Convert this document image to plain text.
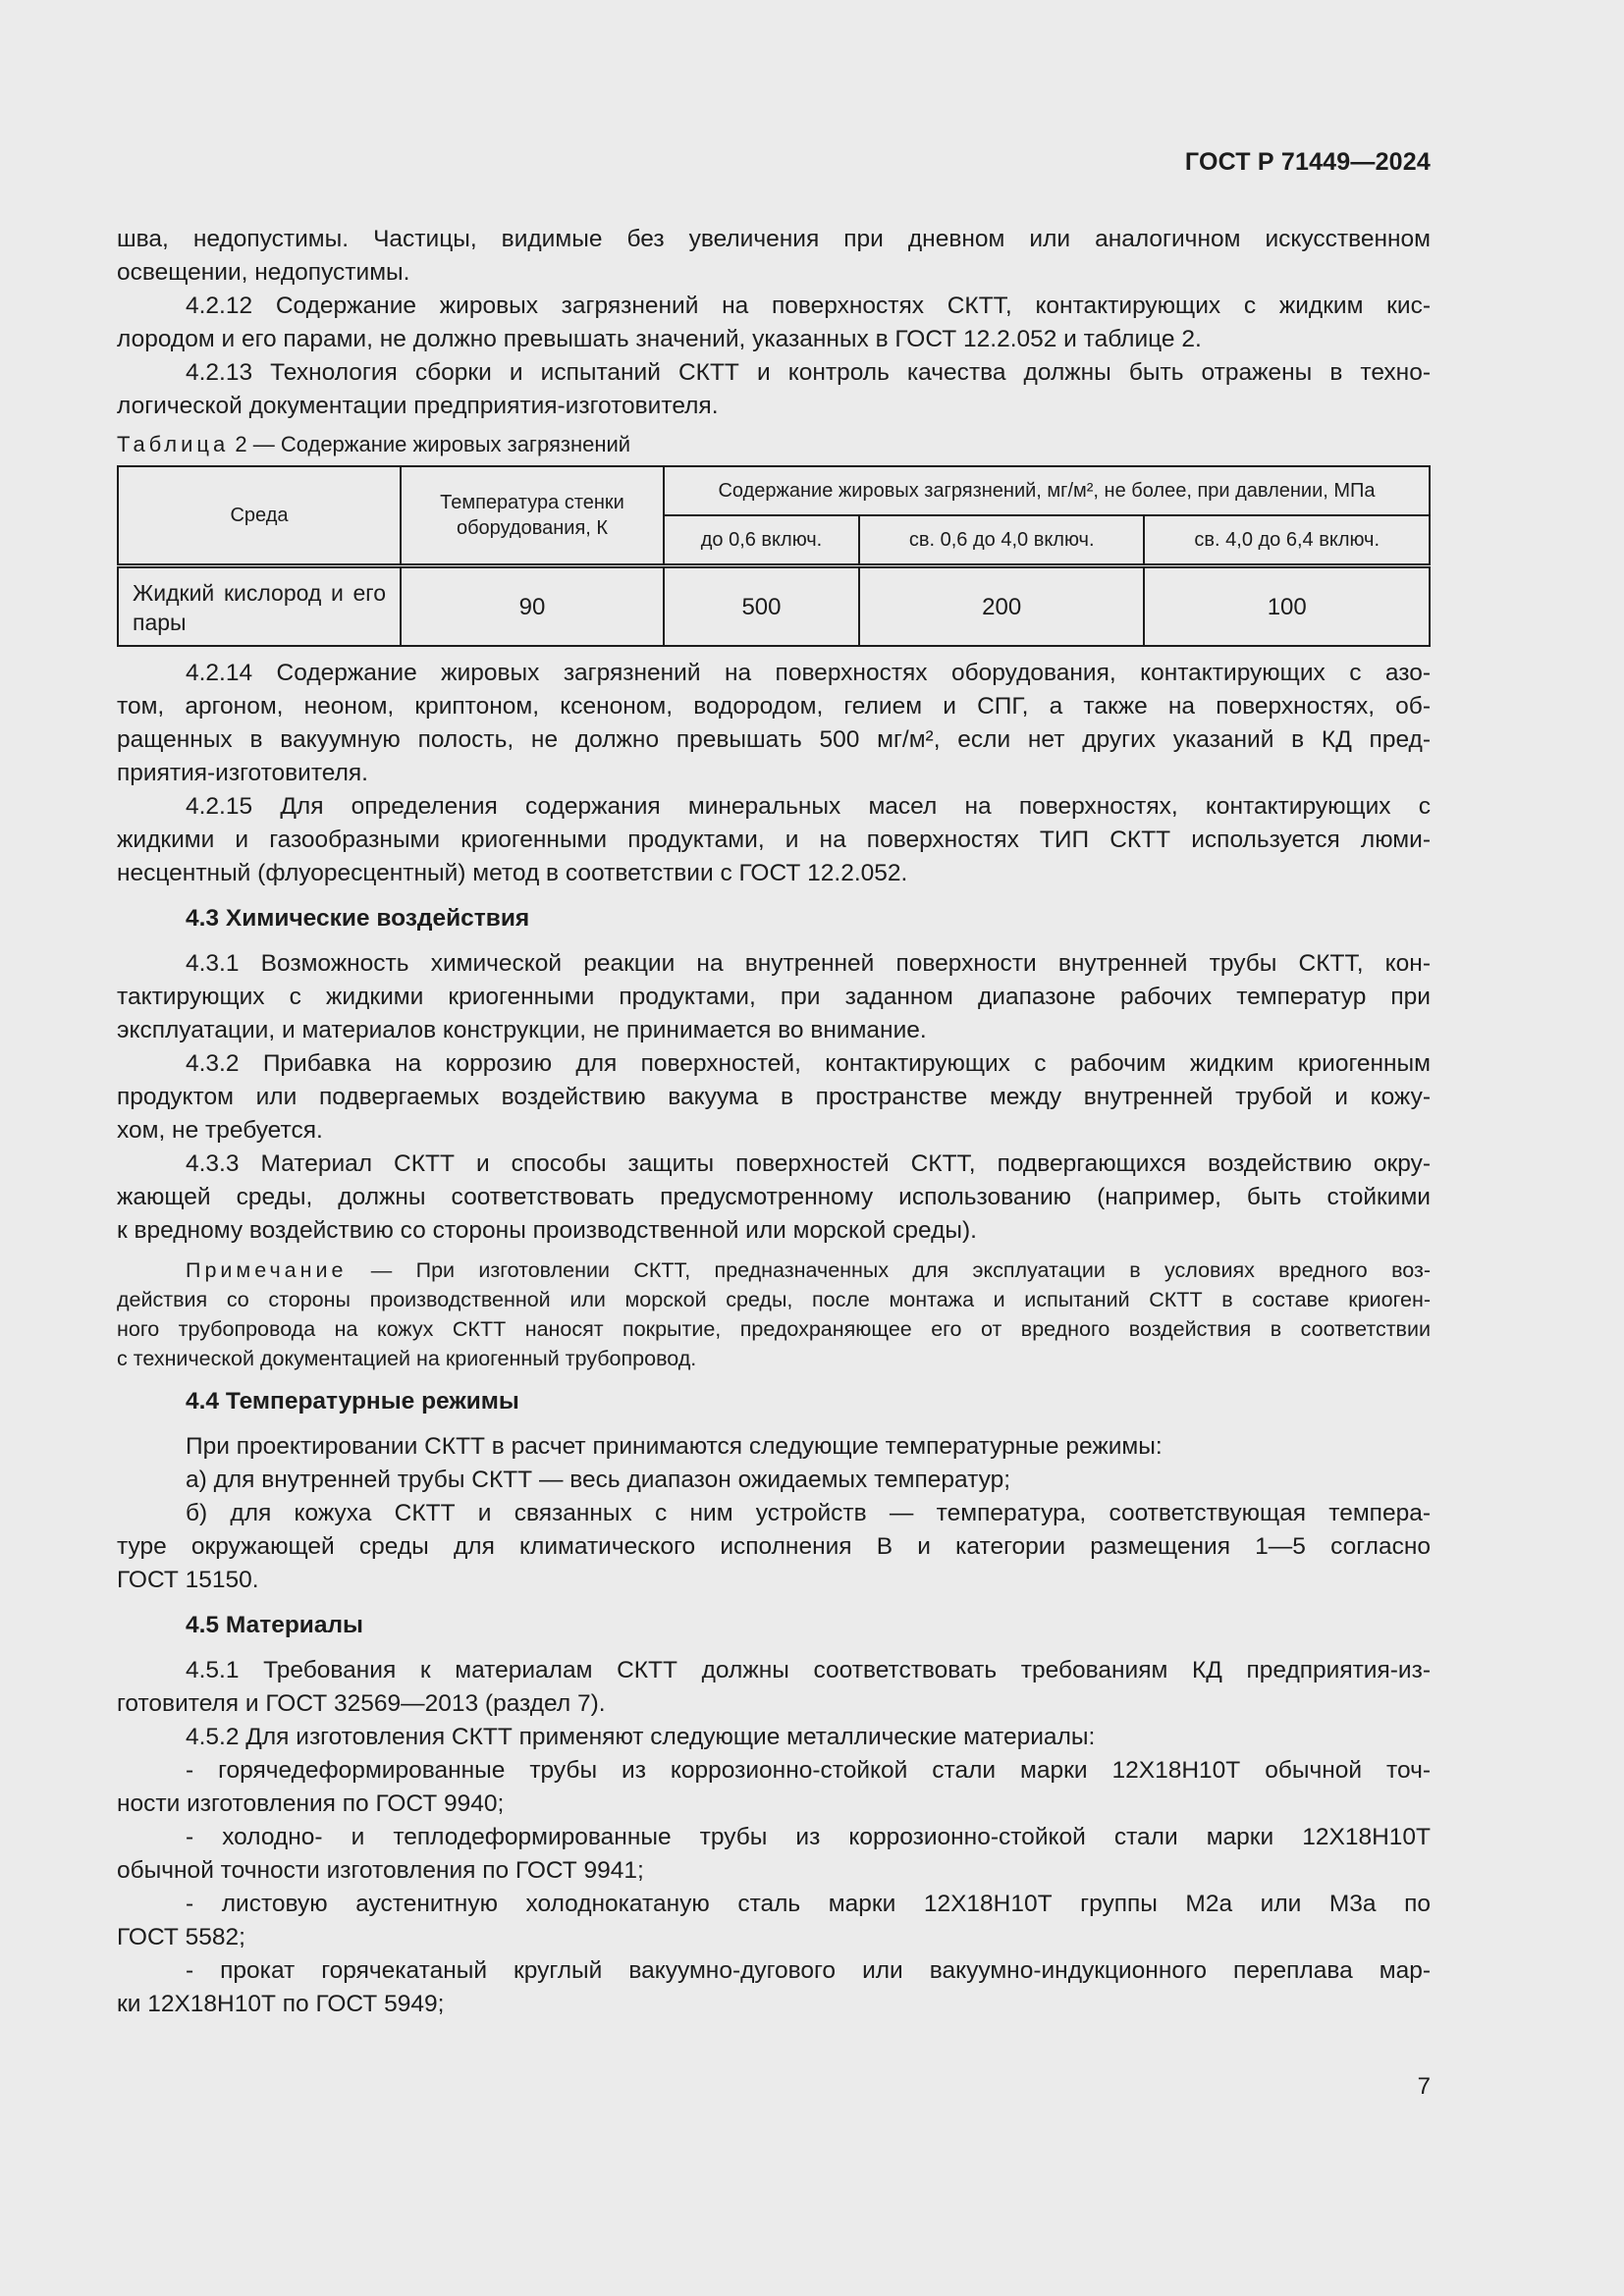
ГОСТ Р 71449—2024
шва, недопустимы. Частицы, видимые без увеличения при дневном или аналогичном искусственном
освещении, недопустимы.
4.2.12 Содержание жировых загрязнений на поверхностях СКТТ, контактирующих с жидким кис-
лородом и его парами, не должно превышать значений, указанных в ГОСТ 12.2.052 и таблице 2.
4.2.13 Технология сборки и испытаний СКТТ и контроль качества должны быть отражены в техно-
логической документации предприятия-изготовителя.
Таблица 2 — Содержание жировых загрязнений
Среда	Температура стенки оборудования, К	Содержание жировых загрязнений, мг/м², не более, при давлении, МПа		
		до 0,6 включ.	св. 0,6 до 4,0 включ.	св. 4,0 до 6,4 включ.
Жидкий кислород и его пары	90	500	200	100
4.2.14 Содержание жировых загрязнений на поверхностях оборудования, контактирующих с азо-
том, аргоном, неоном, криптоном, ксеноном, водородом, гелием и СПГ, а также на поверхностях, об-
ращенных в вакуумную полость, не должно превышать 500 мг/м², если нет других указаний в КД пред-
приятия-изготовителя.
4.2.15 Для определения содержания минеральных масел на поверхностях, контактирующих с
жидкими и газообразными криогенными продуктами, и на поверхностях ТИП СКТТ используется люми-
несцентный (флуоресцентный) метод в соответствии с ГОСТ 12.2.052.
4.3 Химические воздействия
4.3.1 Возможность химической реакции на внутренней поверхности внутренней трубы СКТТ, кон-
тактирующих с жидкими криогенными продуктами, при заданном диапазоне рабочих температур при
эксплуатации, и материалов конструкции, не принимается во внимание.
4.3.2 Прибавка на коррозию для поверхностей, контактирующих с рабочим жидким криогенным
продуктом или подвергаемых воздействию вакуума в пространстве между внутренней трубой и кожу-
хом, не требуется.
4.3.3 Материал СКТТ и способы защиты поверхностей СКТТ, подвергающихся воздействию окру-
жающей среды, должны соответствовать предусмотренному использованию (например, быть стойкими
к вредному воздействию со стороны производственной или морской среды).
Примечание — При изготовлении СКТТ, предназначенных для эксплуатации в условиях вредного воз-
действия со стороны производственной или морской среды, после монтажа и испытаний СКТТ в составе криоген-
ного трубопровода на кожух СКТТ наносят покрытие, предохраняющее его от вредного воздействия в соответствии
с технической документацией на криогенный трубопровод.
4.4 Температурные режимы
При проектировании СКТТ в расчет принимаются следующие температурные режимы:
а) для внутренней трубы СКТТ — весь диапазон ожидаемых температур;
б) для кожуха СКТТ и связанных с ним устройств — температура, соответствующая темпера-
туре окружающей среды для климатического исполнения В и категории размещения 1—5 согласно
ГОСТ 15150.
4.5 Материалы
4.5.1 Требования к материалам СКТТ должны соответствовать требованиям КД предприятия-из-
готовителя и ГОСТ 32569—2013 (раздел 7).
4.5.2 Для изготовления СКТТ применяют следующие металлические материалы:
- горячедеформированные трубы из коррозионно-стойкой стали марки 12Х18Н10Т обычной точ-
ности изготовления по ГОСТ 9940;
- холодно- и теплодеформированные трубы из коррозионно-стойкой стали марки 12Х18Н10Т
обычной точности изготовления по ГОСТ 9941;
- листовую аустенитную холоднокатаную сталь марки 12Х18Н10Т группы М2а или М3а по
ГОСТ 5582;
- прокат горячекатаный круглый вакуумно-дугового или вакуумно-индукционного переплава мар-
ки 12Х18Н10Т по ГОСТ 5949;
7
